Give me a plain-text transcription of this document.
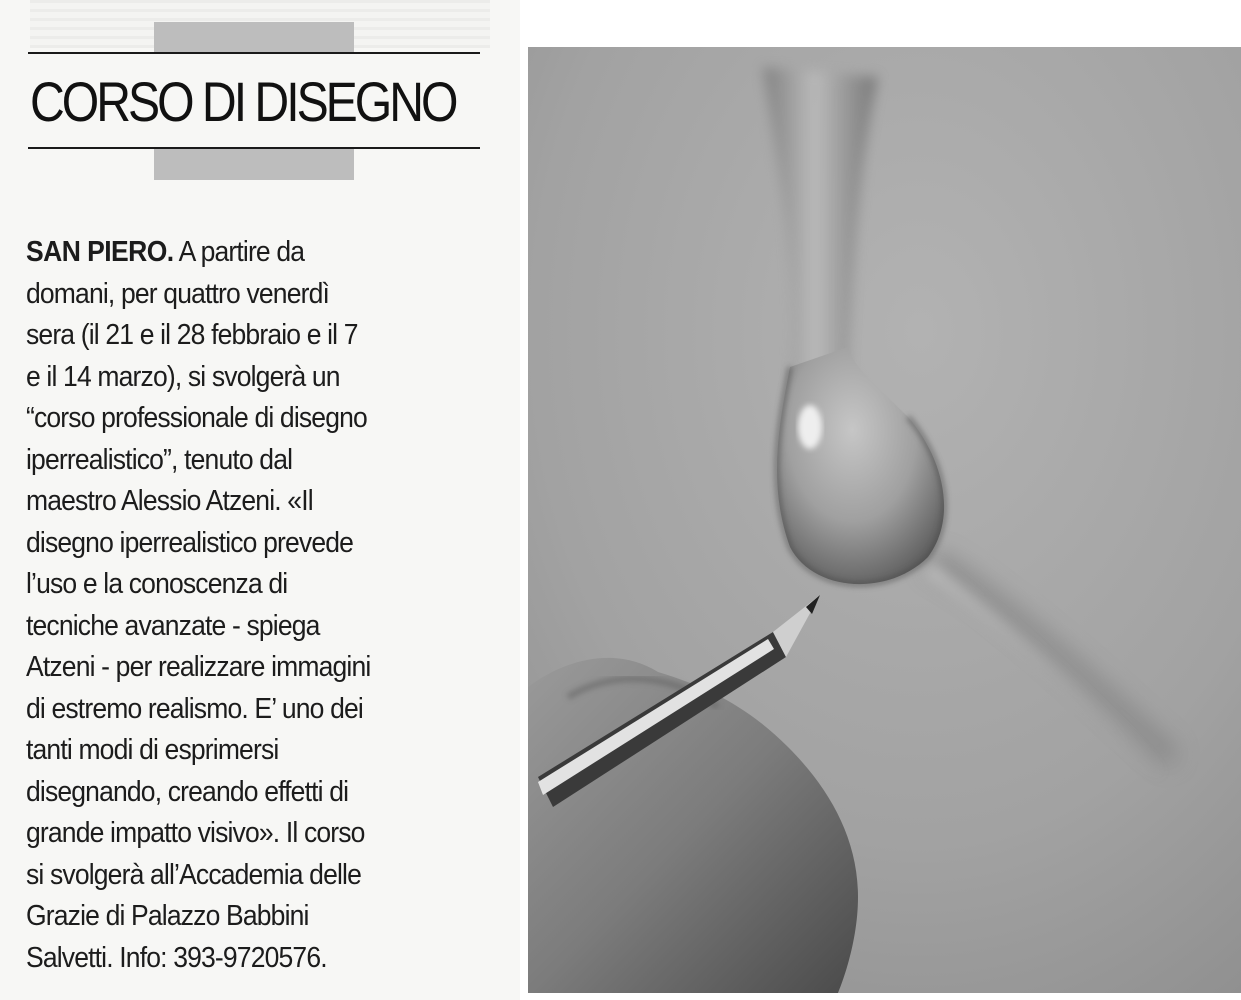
CORSO DI DISEGNO

SAN PIERO. A partire da
domani, per quattro venerdì
sera (il 21 e il 28 febbraio e il 7
e il 14 marzo), si svolgerà un
“corso professionale di disegno
iperrealistico”, tenuto dal
maestro Alessio Atzeni. «Il
disegno iperrealistico prevede
l’uso e la conoscenza di
tecniche avanzate - spiega
Atzeni - per realizzare immagini
di estremo realismo. E’ uno dei
tanti modi di esprimersi
disegnando, creando effetti di
grande impatto visivo». Il corso
si svolgerà all’Accademia delle
Grazie di Palazzo Babbini
Salvetti. Info: 393-9720576.
